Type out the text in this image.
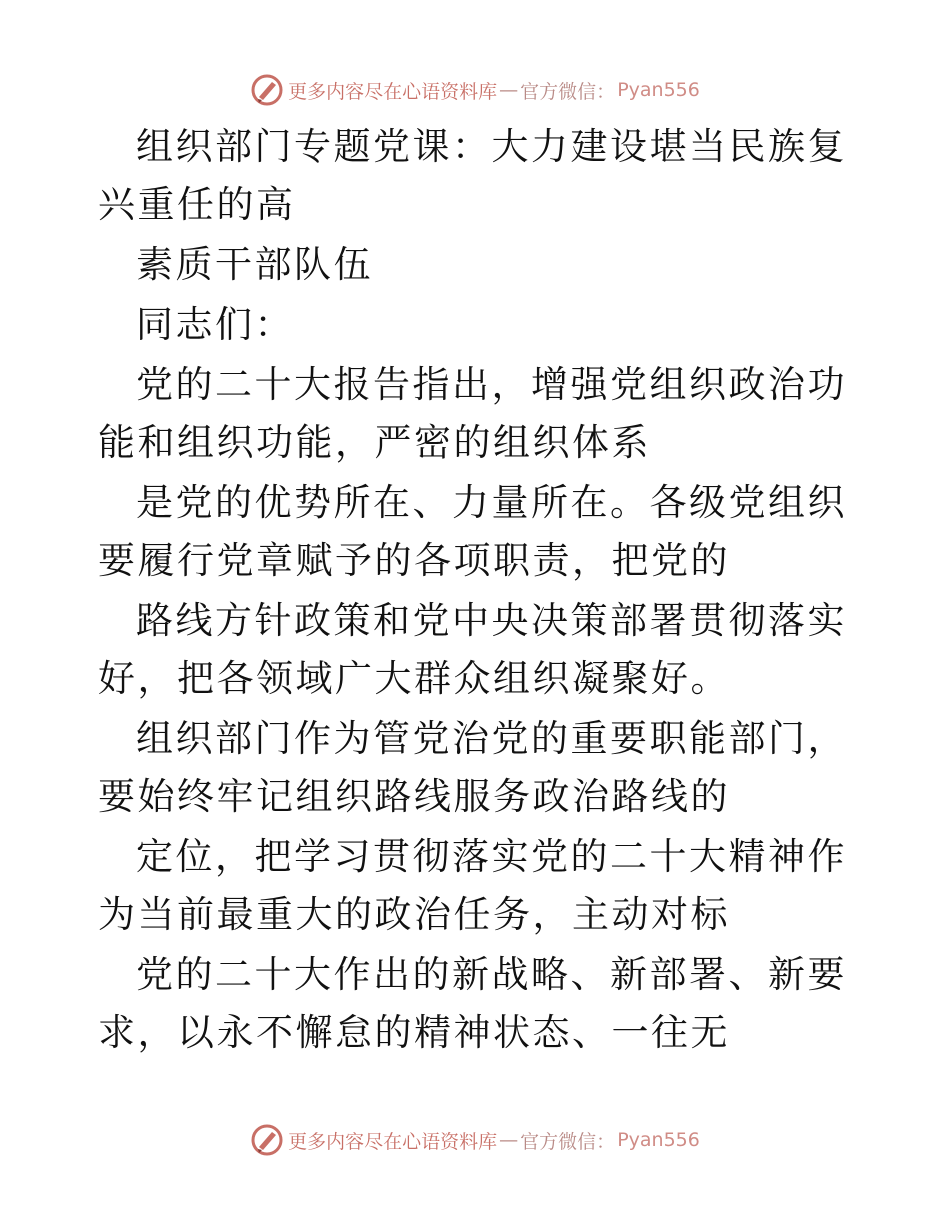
更多内容尽在心语资料库 — 官方微信： Pyan556

组织部门专题党课：大力建设堪当民族复兴重任的高

素质干部队伍

同志们：

党的二十大报告指出，增强党组织政治功能和组织功能，严密的组织体系

是党的优势所在、力量所在。各级党组织要履行党章赋予的各项职责，把党的

路线方针政策和党中央决策部署贯彻落实好，把各领域广大群众组织凝聚好。

组织部门作为管党治党的重要职能部门，要始终牢记组织路线服务政治路线的

定位，把学习贯彻落实党的二十大精神作为当前最重大的政治任务，主动对标

党的二十大作出的新战略、新部署、新要求，以永不懈怠的精神状态、一往无

更多内容尽在心语资料库 — 官方微信： Pyan556
